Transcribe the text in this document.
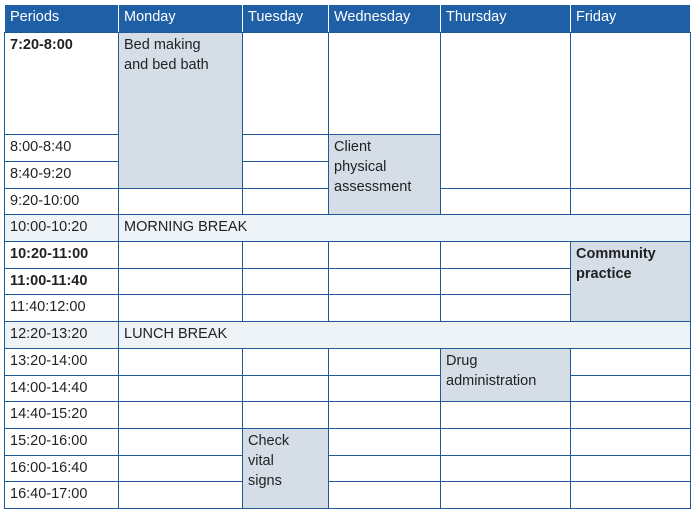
Periods	Monday	Tuesday	Wednesday	Thursday	Friday
7:20-8:00	Bed making
and bed bath				

8:00-8:40			Client
physical
assessment		

8:40-9:20					
9:20-10:00					
10:00-10:20	MORNING BREAK				
10:20-11:00					Community
practice

11:00-11:40					
11:40:12:00					
12:20-13:20	LUNCH BREAK				
13:20-14:00				Drug
administration	

14:00-14:40					
14:40-15:20					
15:20-16:00		Check
vital
signs			

16:00-16:40					
16:40-17:00					
